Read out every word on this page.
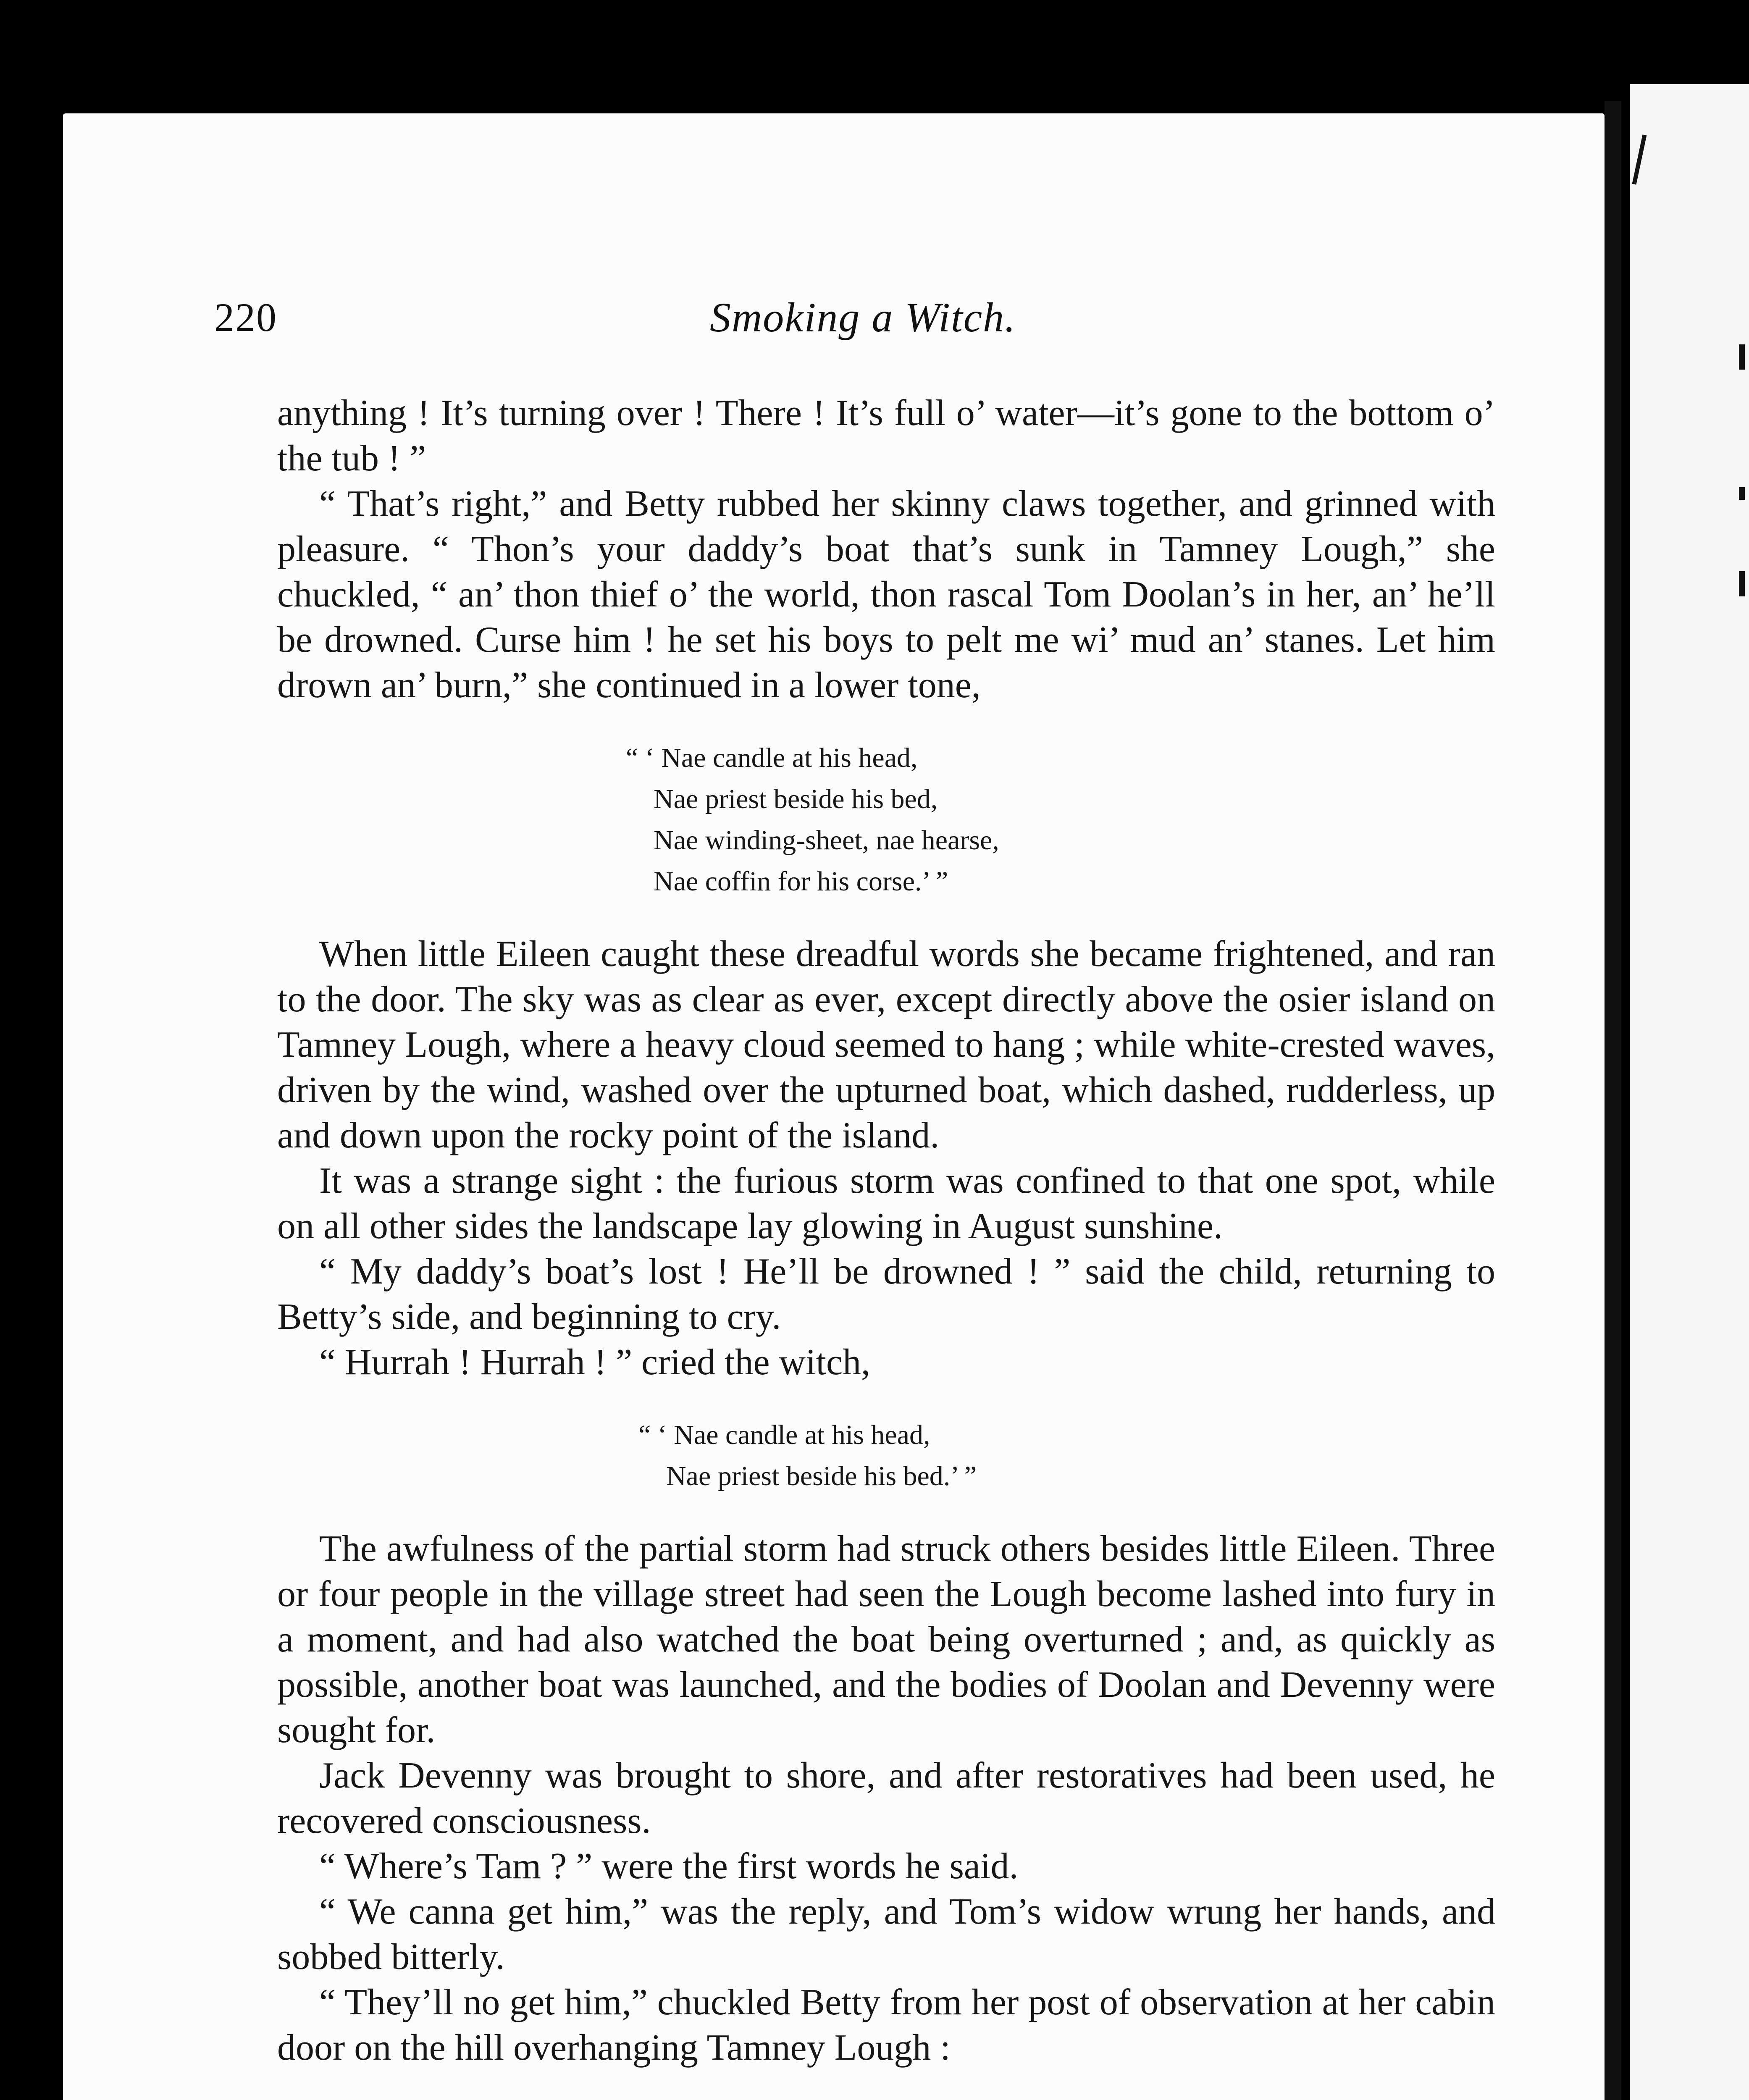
220	Smoking a Witch.

anything ! It’s turning over ! There ! It’s full o’ water—it’s gone to the bottom o’ the tub ! ”

“ That’s right,” and Betty rubbed her skinny claws together, and grinned with pleasure. “ Thon’s your daddy’s boat that’s sunk in Tamney Lough,” she chuckled, “ an’ thon thief o’ the world, thon rascal Tom Doolan’s in her, an’ he’ll be drowned. Curse him ! he set his boys to pelt me wi’ mud an’ stanes. Let him drown an’ burn,” she continued in a lower tone,

“ ‘ Nae candle at his head,
Nae priest beside his bed,
Nae winding-sheet, nae hearse,
Nae coffin for his corse.’ ”

When little Eileen caught these dreadful words she became frightened, and ran to the door. The sky was as clear as ever, except directly above the osier island on Tamney Lough, where a heavy cloud seemed to hang ; while white-crested waves, driven by the wind, washed over the upturned boat, which dashed, rudderless, up and down upon the rocky point of the island.

It was a strange sight : the furious storm was confined to that one spot, while on all other sides the landscape lay glowing in August sunshine.

“ My daddy’s boat’s lost ! He’ll be drowned ! ” said the child, returning to Betty’s side, and beginning to cry.

“ Hurrah ! Hurrah ! ” cried the witch,

“ ‘ Nae candle at his head,
Nae priest beside his bed.’ ”

The awfulness of the partial storm had struck others besides little Eileen. Three or four people in the village street had seen the Lough become lashed into fury in a moment, and had also watched the boat being overturned ; and, as quickly as possible, another boat was launched, and the bodies of Doolan and Devenny were sought for.

Jack Devenny was brought to shore, and after restoratives had been used, he recovered consciousness.

“ Where’s Tam ? ” were the first words he said.

“ We canna get him,” was the reply, and Tom’s widow wrung her hands, and sobbed bitterly.

“ They’ll no get him,” chuckled Betty from her post of observation at her cabin door on the hill overhanging Tamney Lough :
